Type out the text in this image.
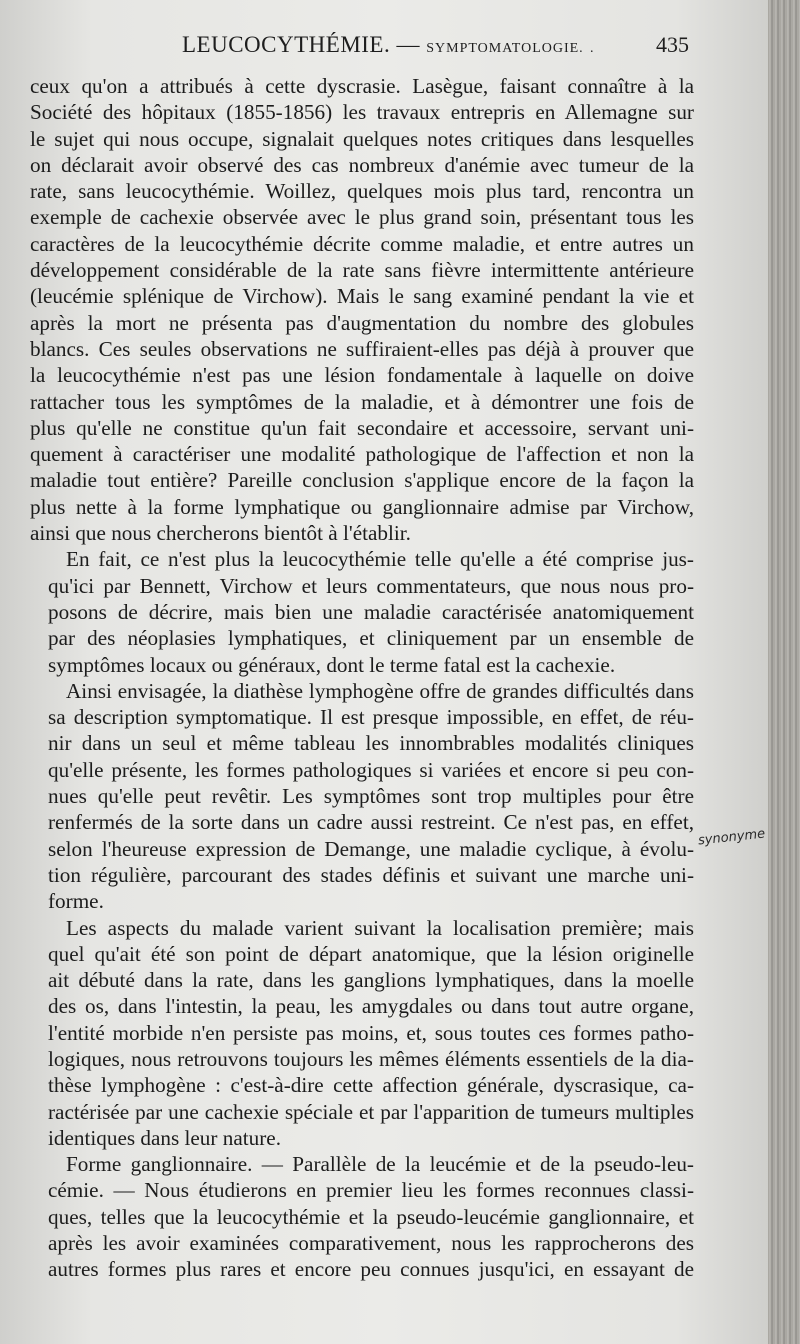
LEUCOCYTHÉMIE. — SYMPTOMATOLOGIE. .	435
ceux qu'on a attribués à cette dyscrasie. Lasègue, faisant connaître à la
Société des hôpitaux (1855-1856) les travaux entrepris en Allemagne sur
le sujet qui nous occupe, signalait quelques notes critiques dans lesquelles
on déclarait avoir observé des cas nombreux d'anémie avec tumeur de la
rate, sans leucocythémie. Woillez, quelques mois plus tard, rencontra un
exemple de cachexie observée avec le plus grand soin, présentant tous les
caractères de la leucocythémie décrite comme maladie, et entre autres un
développement considérable de la rate sans fièvre intermittente antérieure
(leucémie splénique de Virchow). Mais le sang examiné pendant la vie et
après la mort ne présenta pas d'augmentation du nombre des globules
blancs. Ces seules observations ne suffiraient-elles pas déjà à prouver que
la leucocythémie n'est pas une lésion fondamentale à laquelle on doive
rattacher tous les symptômes de la maladie, et à démontrer une fois de
plus qu'elle ne constitue qu'un fait secondaire et accessoire, servant uni-
quement à caractériser une modalité pathologique de l'affection et non la
maladie tout entière? Pareille conclusion s'applique encore de la façon la
plus nette à la forme lymphatique ou ganglionnaire admise par Virchow,
ainsi que nous chercherons bientôt à l'établir.
En fait, ce n'est plus la leucocythémie telle qu'elle a été comprise jus-
qu'ici par Bennett, Virchow et leurs commentateurs, que nous nous pro-
posons de décrire, mais bien une maladie caractérisée anatomiquement
par des néoplasies lymphatiques, et cliniquement par un ensemble de
symptômes locaux ou généraux, dont le terme fatal est la cachexie.
Ainsi envisagée, la diathèse lymphogène offre de grandes difficultés dans
sa description symptomatique. Il est presque impossible, en effet, de réu-
nir dans un seul et même tableau les innombrables modalités cliniques
qu'elle présente, les formes pathologiques si variées et encore si peu con-
nues qu'elle peut revêtir. Les symptômes sont trop multiples pour être
renfermés de la sorte dans un cadre aussi restreint. Ce n'est pas, en effet,
selon l'heureuse expression de Demange, une maladie cyclique, à évolu-
tion régulière, parcourant des stades définis et suivant une marche uni-
forme.
Les aspects du malade varient suivant la localisation première; mais
quel qu'ait été son point de départ anatomique, que la lésion originelle
ait débuté dans la rate, dans les ganglions lymphatiques, dans la moelle
des os, dans l'intestin, la peau, les amygdales ou dans tout autre organe,
l'entité morbide n'en persiste pas moins, et, sous toutes ces formes patho-
logiques, nous retrouvons toujours les mêmes éléments essentiels de la dia-
thèse lymphogène : c'est-à-dire cette affection générale, dyscrasique, ca-
ractérisée par une cachexie spéciale et par l'apparition de tumeurs multiples
identiques dans leur nature.
Forme ganglionnaire. — Parallèle de la leucémie et de la pseudo-leu-
cémie. — Nous étudierons en premier lieu les formes reconnues classi-
ques, telles que la leucocythémie et la pseudo-leucémie ganglionnaire, et
après les avoir examinées comparativement, nous les rapprocherons des
autres formes plus rares et encore peu connues jusqu'ici, en essayant de
synonyme
